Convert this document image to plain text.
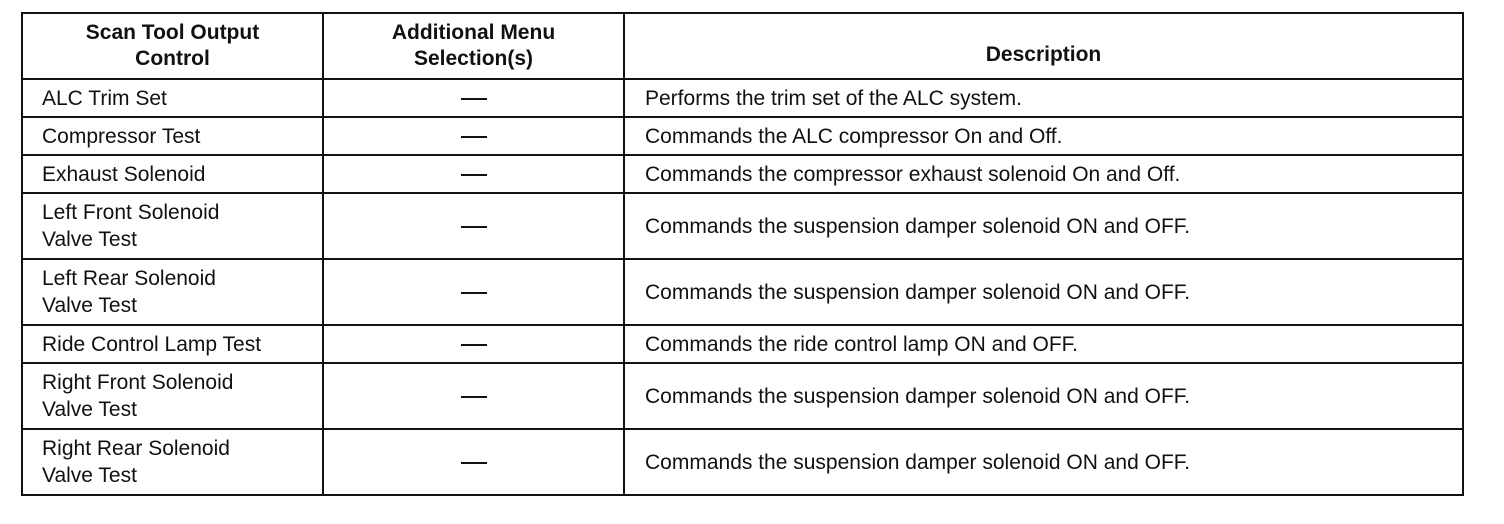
Scan Tool Output Control	Additional Menu Selection(s)	Description
ALC Trim Set		Performs the trim set of the ALC system.
Compressor Test		Commands the ALC compressor On and Off.
Exhaust Solenoid		Commands the compressor exhaust solenoid On and Off.

Left Front Solenoid Valve Test		Commands the suspension damper solenoid ON and OFF.

Left Rear Solenoid Valve Test		Commands the suspension damper solenoid ON and OFF.
Ride Control Lamp Test		Commands the ride control lamp ON and OFF.

Right Front Solenoid Valve Test		Commands the suspension damper solenoid ON and OFF.

Right Rear Solenoid Valve Test		Commands the suspension damper solenoid ON and OFF.
